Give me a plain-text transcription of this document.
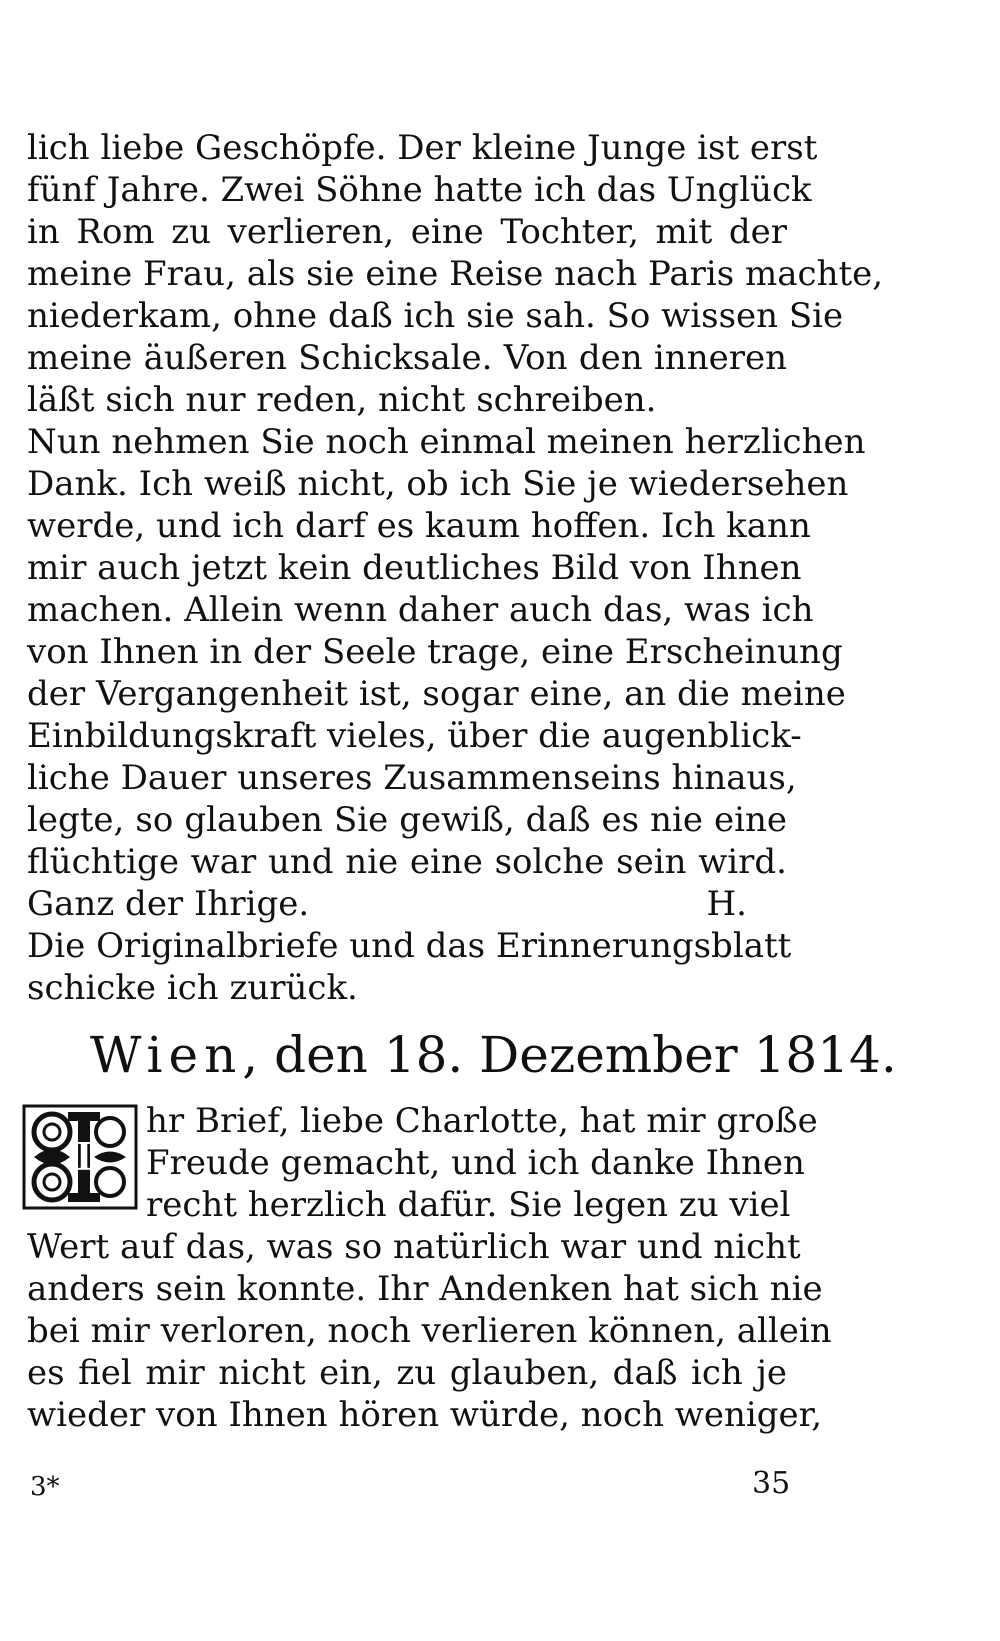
lich liebe Geschöpfe. Der kleine Junge ist erst
fünf Jahre. Zwei Söhne hatte ich das Unglück
in Rom zu verlieren, eine Tochter, mit der
meine Frau, als sie eine Reise nach Paris machte,
niederkam, ohne daß ich sie sah. So wissen Sie
meine äußeren Schicksale. Von den inneren
läßt sich nur reden, nicht schreiben.
Nun nehmen Sie noch einmal meinen herzlichen
Dank. Ich weiß nicht, ob ich Sie je wiedersehen
werde, und ich darf es kaum hoffen. Ich kann
mir auch jetzt kein deutliches Bild von Ihnen
machen. Allein wenn daher auch das, was ich
von Ihnen in der Seele trage, eine Erscheinung
der Vergangenheit ist, sogar eine, an die meine
Einbildungskraft vieles, über die augenblick-
liche Dauer unseres Zusammenseins hinaus,
legte, so glauben Sie gewiß, daß es nie eine
flüchtige war und nie eine solche sein wird.
Ganz der Ihrige.	H.
Die Originalbriefe und das Erinnerungsblatt
schicke ich zurück.
Wien, den 18. Dezember 1814.
I
hr Brief, liebe Charlotte, hat mir große
Freude gemacht, und ich danke Ihnen
recht herzlich dafür. Sie legen zu viel
Wert auf das, was so natürlich war und nicht
anders sein konnte. Ihr Andenken hat sich nie
bei mir verloren, noch verlieren können, allein
es fiel mir nicht ein, zu glauben, daß ich je
wieder von Ihnen hören würde, noch weniger,
3*	35
